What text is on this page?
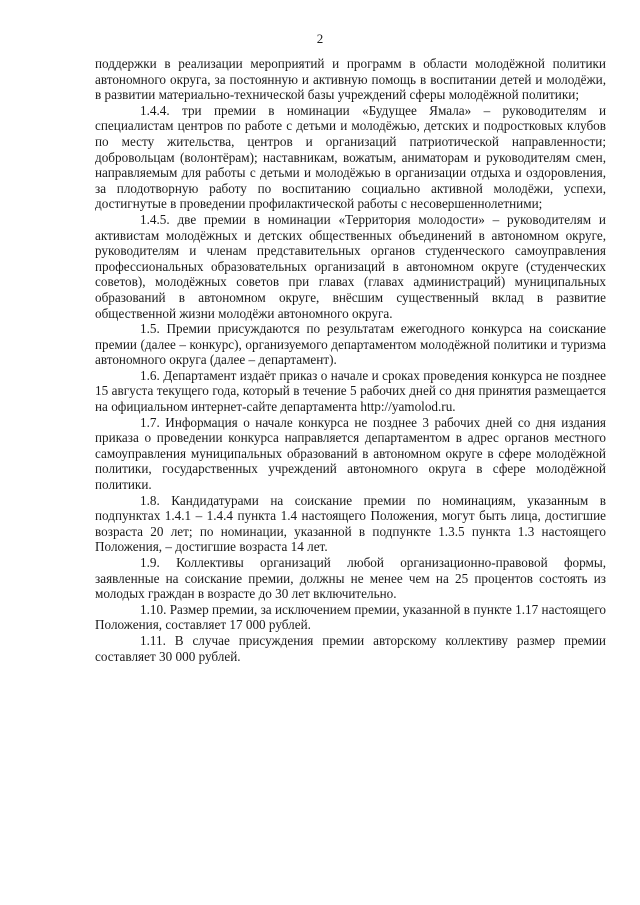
2

поддержки в реализации мероприятий и программ в области молодёжной политики автономного округа, за постоянную и активную помощь в воспитании детей и молодёжи, в развитии материально-технической базы учреждений сферы молодёжной политики;

1.4.4. три премии в номинации «Будущее Ямала» – руководителям и специалистам центров по работе с детьми и молодёжью, детских и подростковых клубов по месту жительства, центров и организаций патриотической направленности; добровольцам (волонтёрам); наставникам, вожатым, аниматорам и руководителям смен, направляемым для работы с детьми и молодёжью в организации отдыха и оздоровления, за плодотворную работу по воспитанию социально активной молодёжи, успехи, достигнутые в проведении профилактической работы с несовершеннолетними;

1.4.5. две премии в номинации «Территория молодости» – руководителям и активистам молодёжных и детских общественных объединений в автономном округе, руководителям и членам представительных органов студенческого самоуправления профессиональных образовательных организаций в автономном округе (студенческих советов), молодёжных советов при главах (главах администраций) муниципальных образований в автономном округе, внёсшим существенный вклад в развитие общественной жизни молодёжи автономного округа.

1.5. Премии присуждаются по результатам ежегодного конкурса на соискание премии (далее – конкурс), организуемого департаментом молодёжной политики и туризма автономного округа (далее – департамент).

1.6. Департамент издаёт приказ о начале и сроках проведения конкурса не позднее 15 августа текущего года, который в течение 5 рабочих дней со дня принятия размещается на официальном интернет-сайте департамента http://yamolod.ru.

1.7. Информация о начале конкурса не позднее 3 рабочих дней со дня издания приказа о проведении конкурса направляется департаментом в адрес органов местного самоуправления муниципальных образований в автономном округе в сфере молодёжной политики, государственных учреждений автономного округа в сфере молодёжной политики.

1.8. Кандидатурами на соискание премии по номинациям, указанным в подпунктах 1.4.1 – 1.4.4 пункта 1.4 настоящего Положения, могут быть лица, достигшие возраста 20 лет; по номинации, указанной в подпункте 1.3.5 пункта 1.3 настоящего Положения, – достигшие возраста 14 лет.

1.9. Коллективы организаций любой организационно-правовой формы, заявленные на соискание премии, должны не менее чем на 25 процентов состоять из молодых граждан в возрасте до 30 лет включительно.

1.10. Размер премии, за исключением премии, указанной в пункте 1.17 настоящего Положения, составляет 17 000 рублей.

1.11. В случае присуждения премии авторскому коллективу размер премии составляет 30 000 рублей.
